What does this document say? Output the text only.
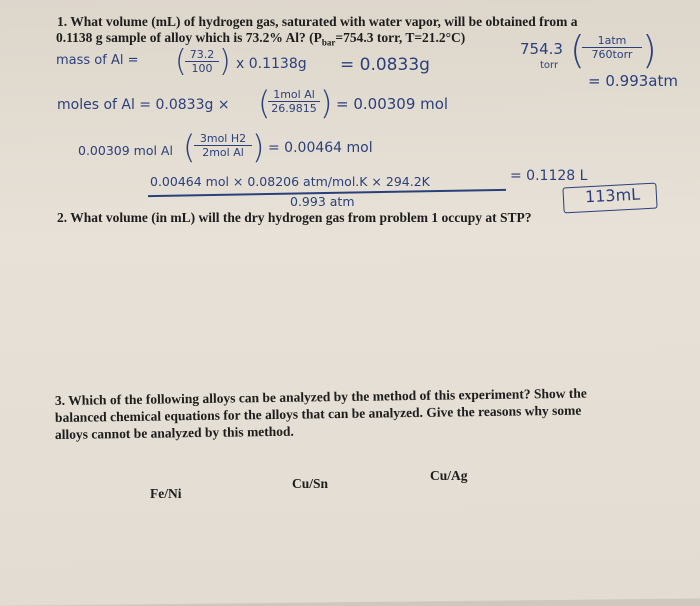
1. What volume (mL) of hydrogen gas, saturated with water vapor, will be obtained from a
0.1138 g sample of alloy which is 73.2% Al? ($P_{bar}=754.3$ torr, T=21.2°C)
mass of Al = (
$\frac{73.2}{100}$ ) x 0.1138g = 0.0833g
754.3
torr (	1atm
760torr )
= 0.993atm
moles of Al = 0.0833g × ( 1mol Al
26.9815 ) = 0.00309 mol
0.00309 mol Al ( 3mol H2
2mol Al ) = 0.00464 mol
0.00464 mol × 0.08206 atm/mol.K × 294.2K
0.993 atm
= 0.1128 L
113mL
2. What volume (in mL) will the dry hydrogen gas from problem 1 occupy at STP?
3. Which of the following alloys can be analyzed by the method of this experiment? Show the
balanced chemical equations for the alloys that can be analyzed. Give the reasons why some
alloys cannot be analyzed by this method.
Fe/Ni
Cu/Sn
Cu/Ag
